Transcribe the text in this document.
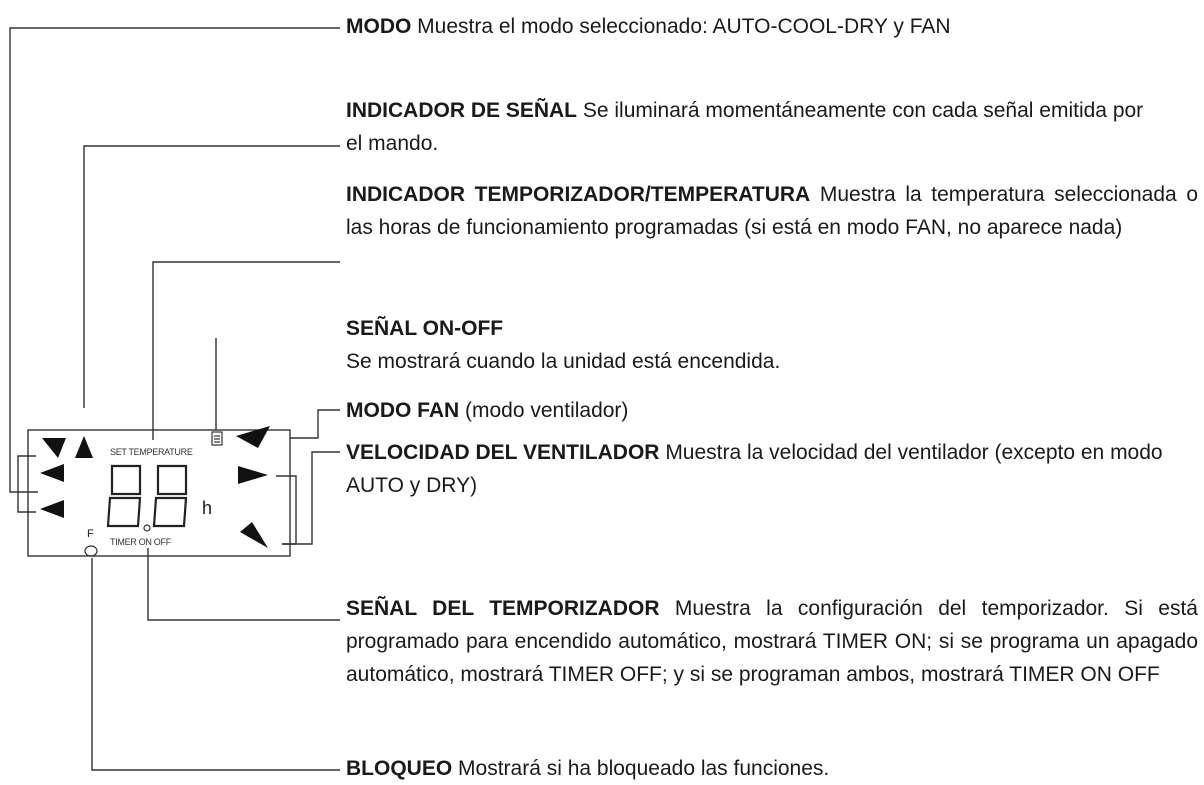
SET TEMPERATURE
h
TIMER ON OFF
F
MODO Muestra el modo seleccionado: AUTO-COOL-DRY y FAN
INDICADOR DE SEÑAL Se iluminará momentáneamente con cada señal emitida por el mando.
INDICADOR TEMPORIZADOR/TEMPERATURA Muestra la temperatura seleccionada o las horas de funcionamiento programadas (si está en modo FAN, no aparece nada)
SEÑAL ON-OFF
Se mostrará cuando la unidad está encendida.
MODO FAN (modo ventilador)
VELOCIDAD DEL VENTILADOR Muestra la velocidad del ventilador (excepto en modo AUTO y DRY)
SEÑAL DEL TEMPORIZADOR Muestra la configuración del temporizador. Si está programado para encendido automático, mostrará TIMER ON; si se programa un apagado automático, mostrará TIMER OFF; y si se programan ambos, mostrará TIMER ON OFF
BLOQUEO Mostrará si ha bloqueado las funciones.
